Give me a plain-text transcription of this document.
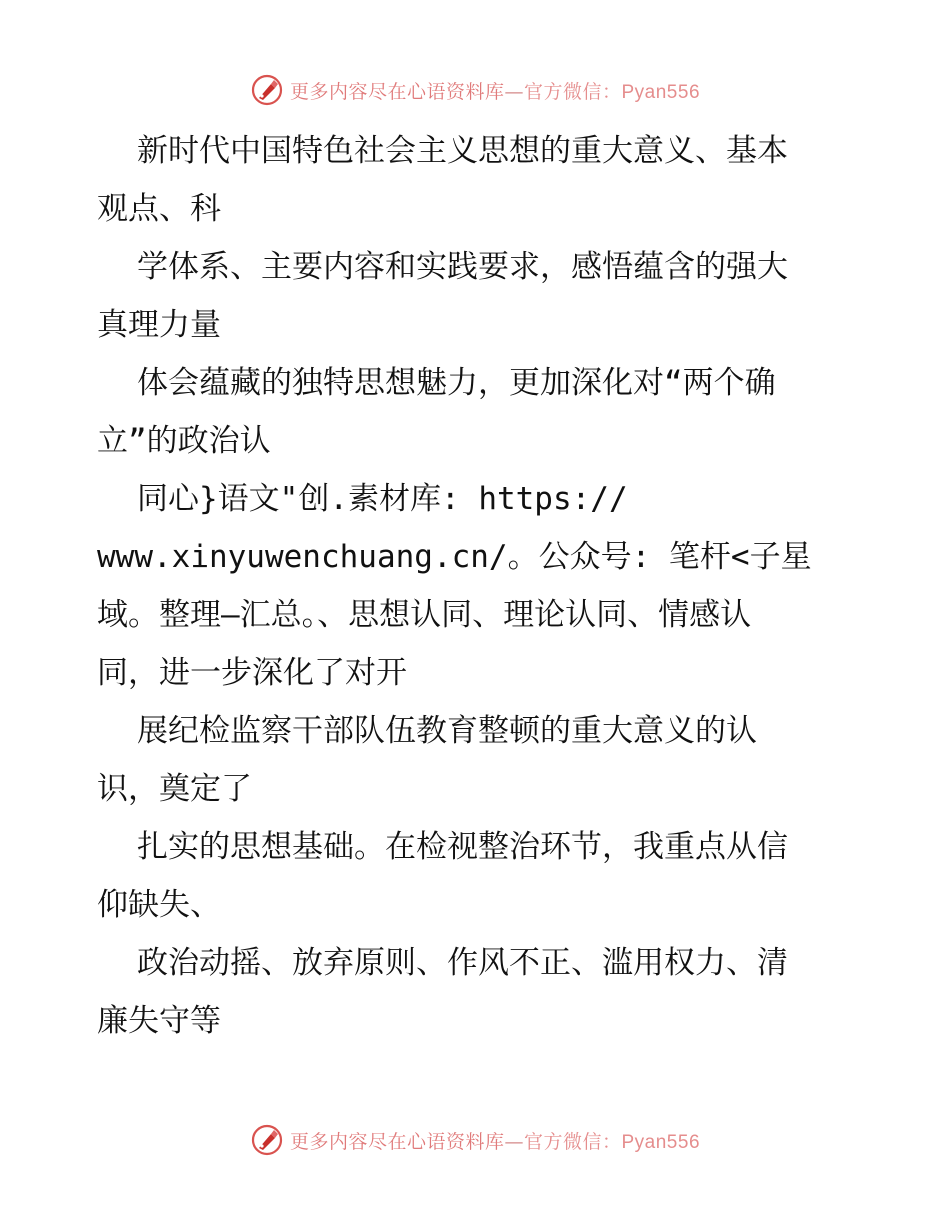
更多内容尽在心语资料库—官方微信：Pyan556
新时代中国特色社会主义思想的重大意义、基本
观点、科
学体系、主要内容和实践要求，感悟蕴含的强大
真理力量
体会蕴藏的独特思想魅力，更加深化对“两个确
立”的政治认
同心}语文"创.素材库: https://
www.xinyuwenchuang.cn/。公众号: 笔杆<子星
域。整理—汇总。、思想认同、理论认同、情感认
同，进一步深化了对开
展纪检监察干部队伍教育整顿的重大意义的认
识，奠定了
扎实的思想基础。在检视整治环节，我重点从信
仰缺失、
政治动摇、放弃原则、作风不正、滥用权力、清
廉失守等
更多内容尽在心语资料库—官方微信：Pyan556
